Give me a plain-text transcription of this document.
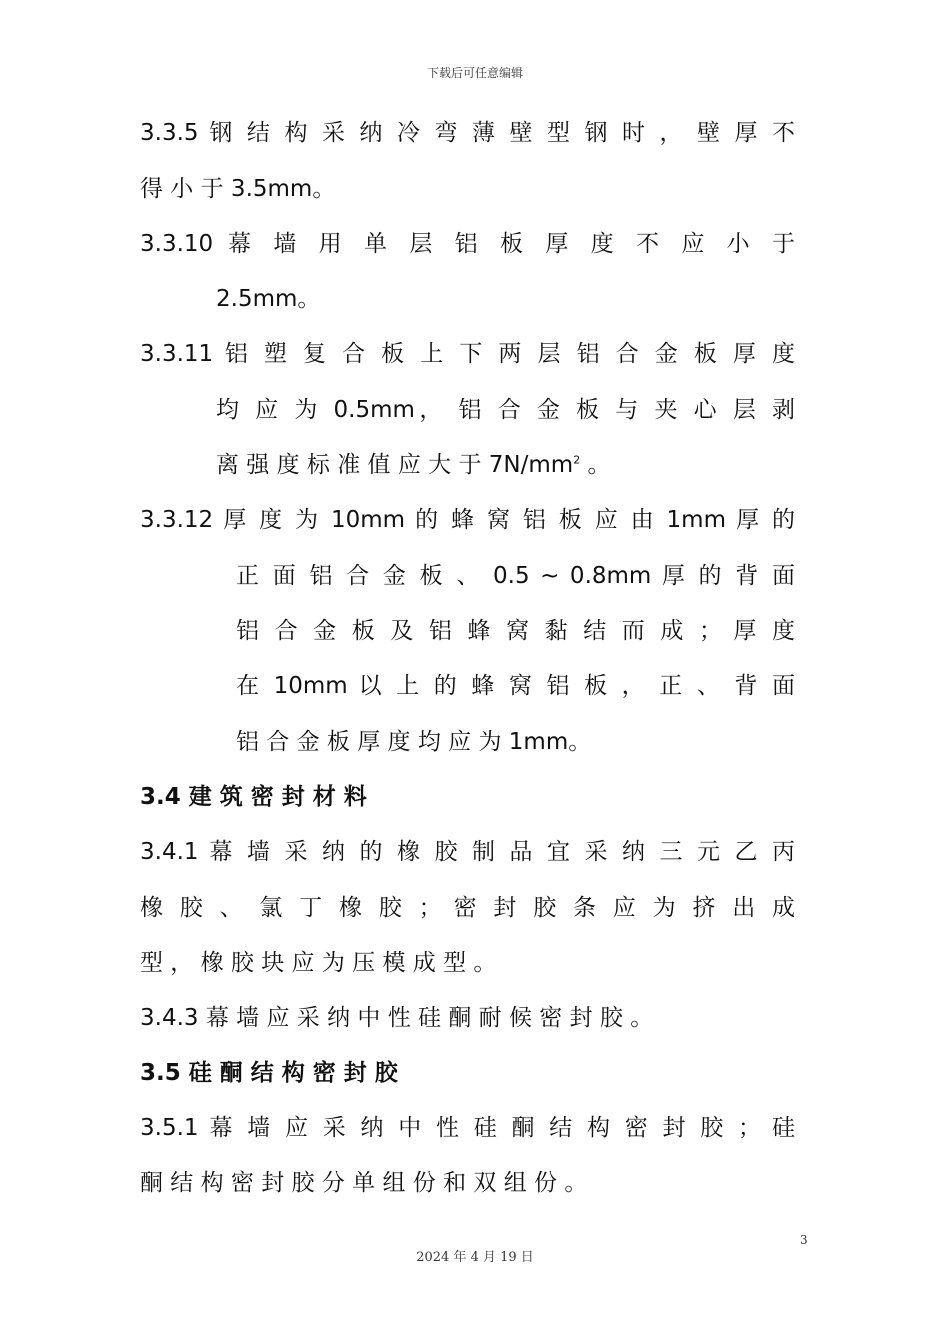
下载后可任意编辑
3.3.5 钢 结 构 采 纳 冷 弯 薄 壁 型 钢 时 ， 壁 厚 不
得 小 于 3.5mm。
3.3.10 幕 墙 用 单 层 铝 板 厚 度 不 应 小 于
2.5mm。
3.3.11 铝 塑 复 合 板 上 下 两 层 铝 合 金 板 厚 度
均 应 为 0.5mm， 铝 合 金 板 与 夹 心 层 剥
离 强 度 标 准 值 应 大 于 $7N/mm^2$ 。
3.3.12 厚 度 为 10mm 的 蜂 窝 铝 板 应 由 1mm 厚 的
正 面 铝 合 金 板 、 0.5 ~ 0.8mm 厚 的 背 面
铝 合 金 板 及 铝 蜂 窝 黏 结 而 成 ； 厚 度
在 10mm 以 上 的 蜂 窝 铝 板 ， 正 、 背 面
铝 合 金 板 厚 度 均 应 为 1mm。
3.4 建 筑 密 封 材 料
3.4.1 幕 墙 采 纳 的 橡 胶 制 品 宜 采 纳 三 元 乙 丙
橡 胶 、 氯 丁 橡 胶 ； 密 封 胶 条 应 为 挤 出 成
型 ， 橡 胶 块 应 为 压 模 成 型 。
3.4.3 幕 墙 应 采 纳 中 性 硅 酮 耐 候 密 封 胶 。
3.5 硅 酮 结 构 密 封 胶
3.5.1 幕 墙 应 采 纳 中 性 硅 酮 结 构 密 封 胶 ； 硅
酮 结 构 密 封 胶 分 单 组 份 和 双 组 份 。
3
2024 年 4 月 19 日
